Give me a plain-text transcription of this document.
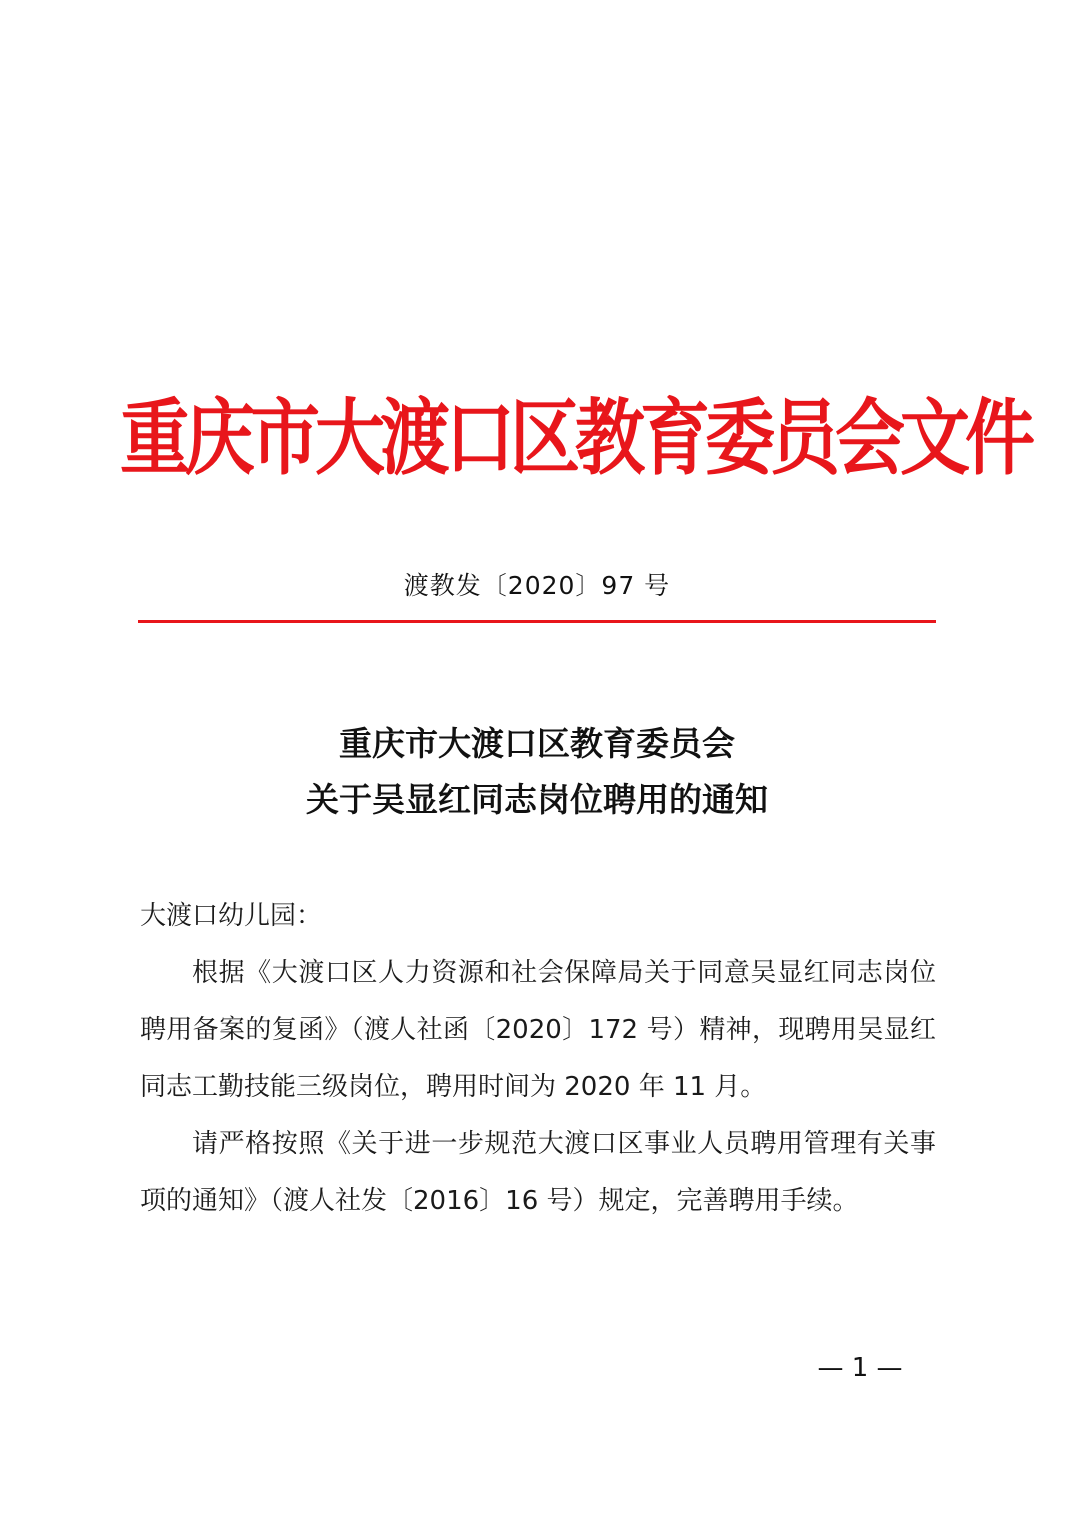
重庆市大渡口区教育委员会文件
渡教发〔2020〕97 号
重庆市大渡口区教育委员会
关于吴显红同志岗位聘用的通知

大渡口幼儿园：

根据《大渡口区人力资源和社会保障局关于同意吴显红同志岗位聘用备案的复函》（渡人社函〔2020〕172 号）精神，现聘用吴显红同志工勤技能三级岗位，聘用时间为 2020 年 11 月。

请严格按照《关于进一步规范大渡口区事业人员聘用管理有关事项的通知》（渡人社发〔2016〕16 号）规定，完善聘用手续。

— 1 —
